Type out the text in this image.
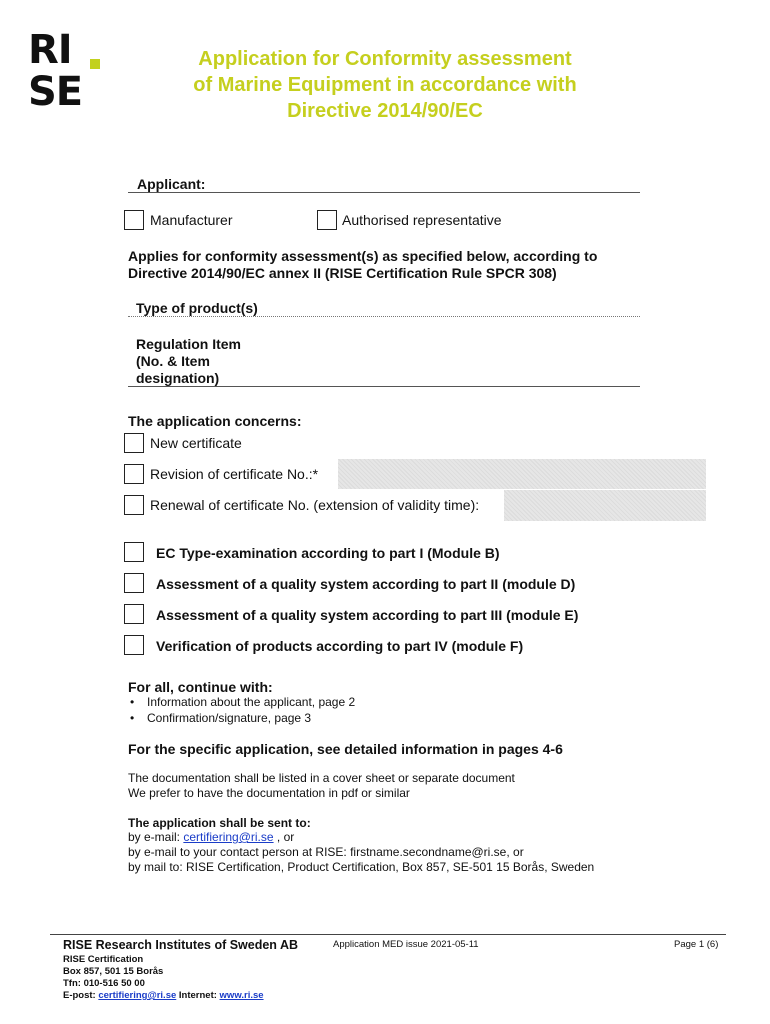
RI
SE
Application for Conformity assessment
of Marine Equipment in accordance with
Directive 2014/90/EC
Applicant:
Manufacturer	Authorised representative
Applies for conformity assessment(s) as specified below, according to
Directive 2014/90/EC annex II (RISE Certification Rule SPCR 308)
Type of product(s)
Regulation Item
(No. & Item
designation)
The application concerns:
New certificate
Revision of certificate No.:*
Renewal of certificate No. (extension of validity time):
EC Type-examination according to part I (Module B)
Assessment of a quality system according to part II (module D)
Assessment of a quality system according to part III (module E)
Verification of products according to part IV (module F)
For all, continue with:
• Information about the applicant, page 2
• Confirmation/signature, page 3
For the specific application, see detailed information in pages 4-6
The documentation shall be listed in a cover sheet or separate document
We prefer to have the documentation in pdf or similar
The application shall be sent to:
by e-mail: certifiering@ri.se , or
by e-mail to your contact person at RISE: firstname.secondname@ri.se, or
by mail to: RISE Certification, Product Certification, Box 857, SE-501 15 Borås, Sweden
RISE Research Institutes of Sweden AB	Application MED issue 2021-05-11	Page 1 (6)
RISE Certification
Box 857, 501 15 Borås
Tfn: 010-516 50 00
E-post: certifiering@ri.se Internet: www.ri.se
